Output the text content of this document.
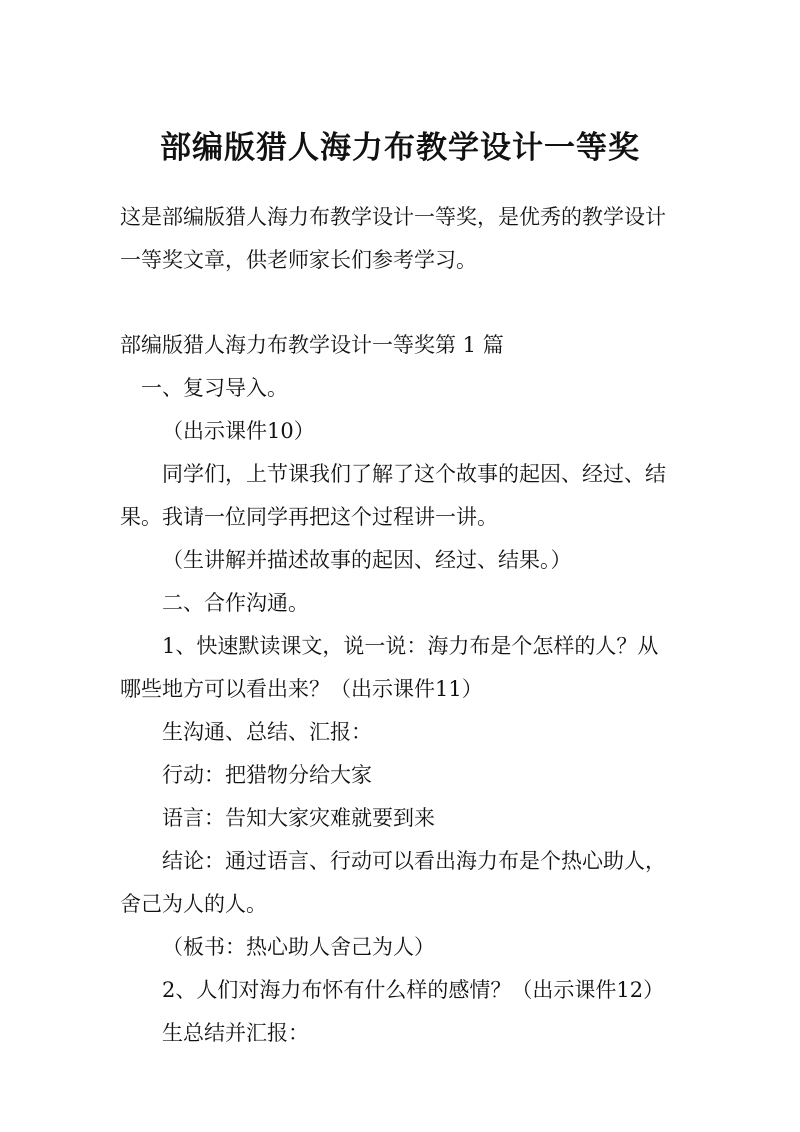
部编版猎人海力布教学设计一等奖
这是部编版猎人海力布教学设计一等奖，是优秀的教学设计
一等奖文章，供老师家长们参考学习。
部编版猎人海力布教学设计一等奖第 1 篇
一、复习导入。
（出示课件10）
同学们，上节课我们了解了这个故事的起因、经过、结
果。我请一位同学再把这个过程讲一讲。
（生讲解并描述故事的起因、经过、结果。）
二、合作沟通。
1、快速默读课文，说一说：海力布是个怎样的人？从
哪些地方可以看出来？（出示课件11）
生沟通、总结、汇报：
行动：把猎物分给大家
语言：告知大家灾难就要到来
结论：通过语言、行动可以看出海力布是个热心助人，
舍己为人的人。
（板书：热心助人舍己为人）
2、人们对海力布怀有什么样的感情？（出示课件12）
生总结并汇报：
